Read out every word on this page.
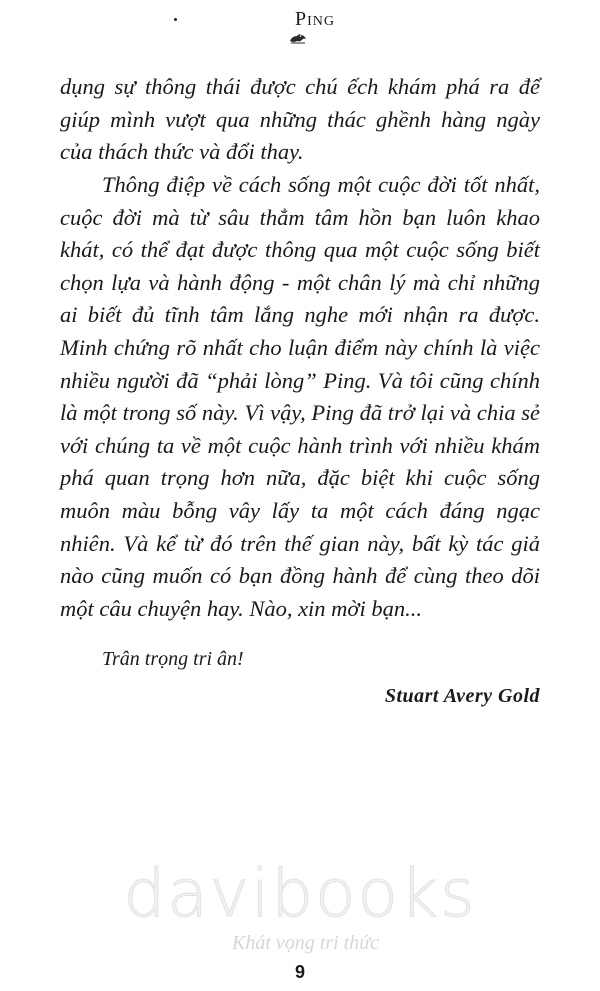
Ping

dụng sự thông thái được chú ếch khám phá ra để giúp mình vượt qua những thác ghềnh hàng ngày của thách thức và đổi thay.

Thông điệp về cách sống một cuộc đời tốt nhất, cuộc đời mà từ sâu thẳm tâm hồn bạn luôn khao khát, có thể đạt được thông qua một cuộc sống biết chọn lựa và hành động - một chân lý mà chỉ những ai biết đủ tĩnh tâm lắng nghe mới nhận ra được. Minh chứng rõ nhất cho luận điểm này chính là việc nhiều người đã “phải lòng” Ping. Và tôi cũng chính là một trong số này. Vì vậy, Ping đã trở lại và chia sẻ với chúng ta về một cuộc hành trình với nhiều khám phá quan trọng hơn nữa, đặc biệt khi cuộc sống muôn màu bỗng vây lấy ta một cách đáng ngạc nhiên. Và kể từ đó trên thế gian này, bất kỳ tác giả nào cũng muốn có bạn đồng hành để cùng theo dõi một câu chuyện hay. Nào, xin mời bạn...

Trân trọng tri ân!
Stuart Avery Gold
davibooks
Khát vọng tri thức
9
